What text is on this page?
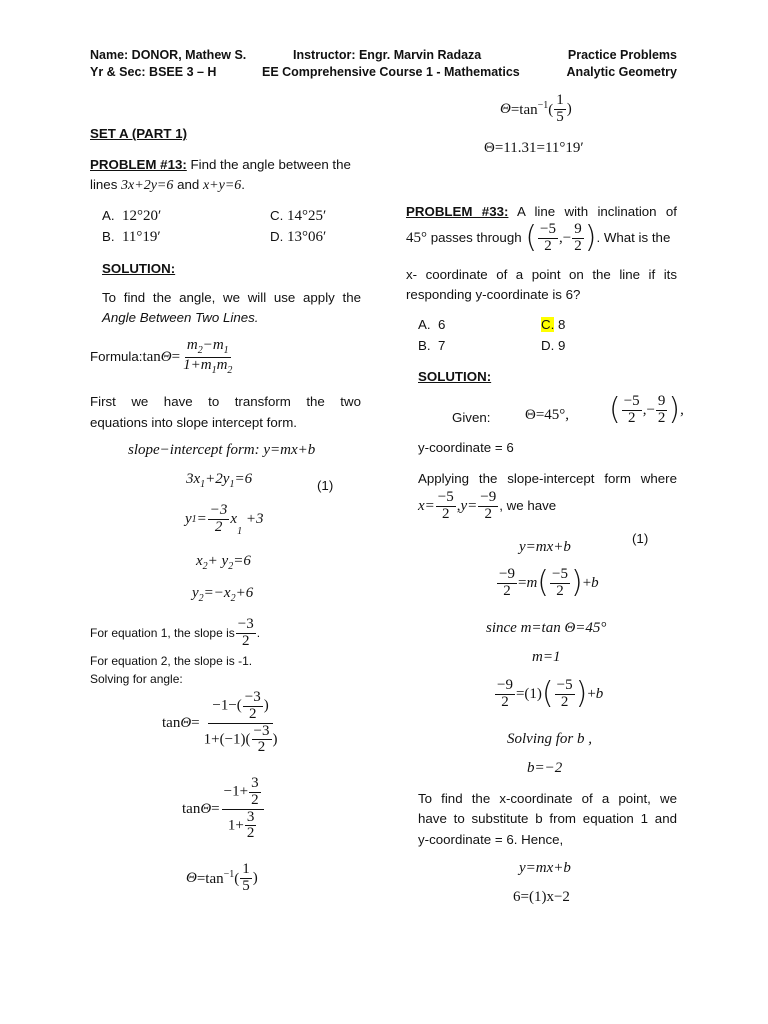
Name: DONOR, Mathew S.
Yr & Sec: BSEE 3 – H
Instructor: Engr. Marvin Radaza
EE Comprehensive Course 1 - Mathematics
Practice Problems
Analytic Geometry
SET A (PART 1)
PROBLEM #13: Find the angle between the
lines 3x+2y=6 and x+y=6.
A. 12°20′	C. 14°25′
B. 11°19′	D. 13°06′
SOLUTION:
To find the angle, we will use apply the
Angle Between Two Lines.
Formula: $\tan\Theta= \frac{m_2-m_1}{1+m_1m_2}$
First we have to transform the two
equations into slope intercept form.
slope−intercept form: y=mx+b
$3x_1+2y_1=6$	(1)
y $1 = \frac{-3}{2}$ x
$_1$
+3
$x_2+ y_2=6$
$y_2=-x_2+6$
For equation 1, the slope is $\frac{-3}{2}$ .
For equation 2, the slope is -1.
Solving for angle:
$\tan\Theta= \frac{-1-( \frac{-3}{2} )}{1+(-1)( \frac{-3}{2} )}$
$\tan\Theta= \frac{-1+ \frac{3}{2}}{1+ \frac{3}{2}}$
$\Theta =\tan^{-1}( \frac{1}{5}$ )
$\Theta =\tan^{-1}( \frac{1}{5}$ )
Θ=11.31=11°19′
PROBLEM #33: A line with inclination of
45° passes through ( $\frac{-5}{2}$ ,− $\frac{9}{2}$ ) . What is the
x- coordinate of a point on the line if its
responding y-coordinate is 6?
A. 6	C. 8
B. 7	D. 9
SOLUTION:
Given: Θ=45°, ( $\frac{-5}{2}$ ,− $\frac{9}{2}$ ) ,
y-coordinate = 6
Applying the slope-intercept form where
$x= \frac{-5}{2}$ , $y= \frac{-9}{2}$ , we have
y=mx+b
(1)
$\frac{-9}{2} = m$ ( $\frac{-5}{2}$ ) + b
since m=tan Θ=45°
m=1
$\frac{-9}{2} =(1)$ ( $\frac{-5}{2}$ ) + b
Solving for b ,
b=−2
To find the x-coordinate of a point, we
have to substitute b from equation 1 and
y-coordinate = 6. Hence,
y=mx+b
6=(1)x−2
